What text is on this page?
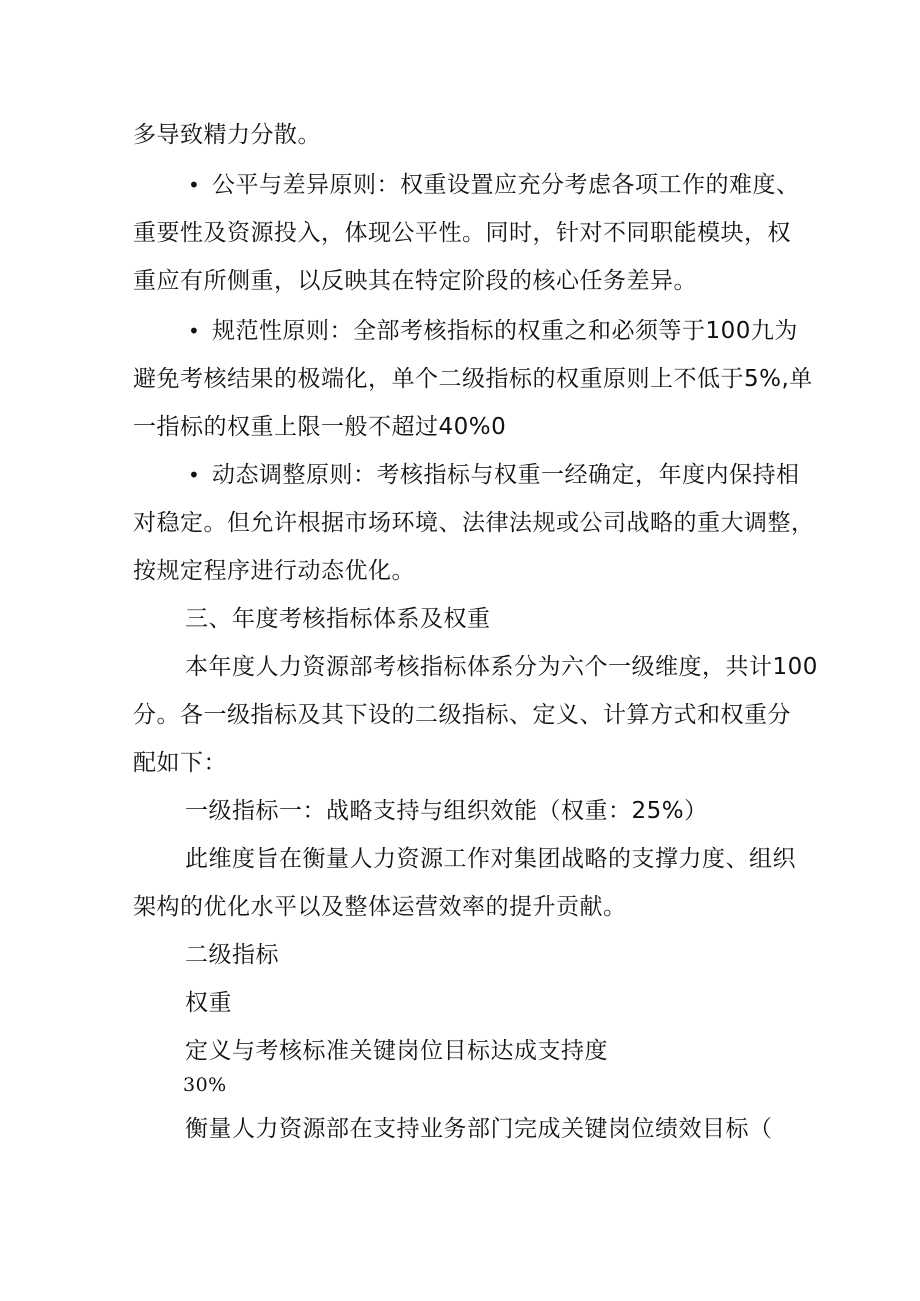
多导致精力分散。
• 公平与差异原则：权重设置应充分考虑各项工作的难度、
重要性及资源投入，体现公平性。同时，针对不同职能模块，权
重应有所侧重，以反映其在特定阶段的核心任务差异。
• 规范性原则：全部考核指标的权重之和必须等于100九为
避免考核结果的极端化，单个二级指标的权重原则上不低于5%,单
一指标的权重上限一般不超过40%0
• 动态调整原则：考核指标与权重一经确定，年度内保持相
对稳定。但允许根据市场环境、法律法规或公司战略的重大调整，
按规定程序进行动态优化。
三、年度考核指标体系及权重
本年度人力资源部考核指标体系分为六个一级维度，共计100
分。各一级指标及其下设的二级指标、定义、计算方式和权重分
配如下：
一级指标一：战略支持与组织效能（权重：25%）
此维度旨在衡量人力资源工作对集团战略的支撑力度、组织
架构的优化水平以及整体运营效率的提升贡献。
二级指标
权重
定义与考核标准关键岗位目标达成支持度
30%
衡量人力资源部在支持业务部门完成关键岗位绩效目标（
